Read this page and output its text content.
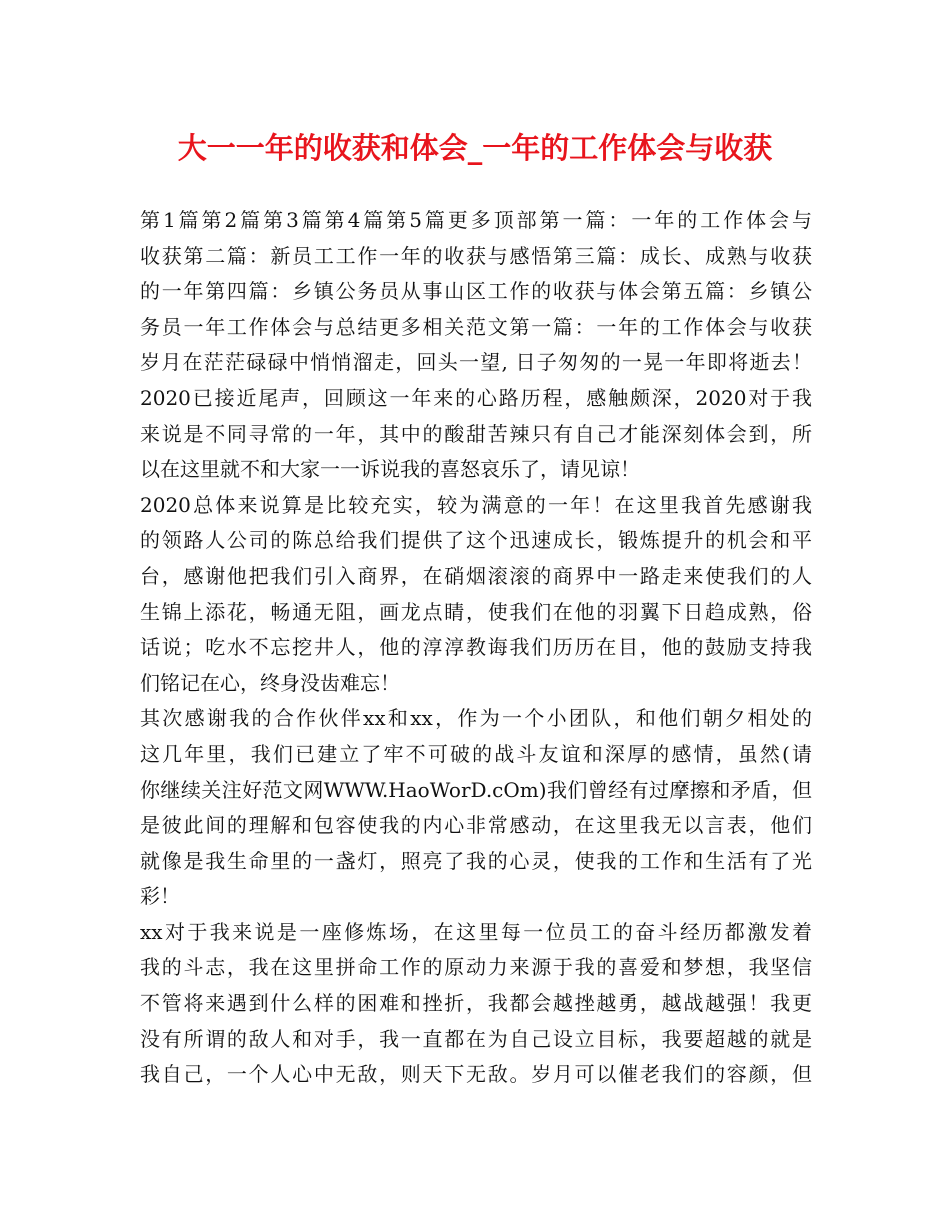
大一一年的收获和体会_一年的工作体会与收获
第1篇第2篇第3篇第4篇第5篇更多顶部第一篇：一年的工作体会与
收获第二篇：新员工工作一年的收获与感悟第三篇：成长、成熟与收获
的一年第四篇：乡镇公务员从事山区工作的收获与体会第五篇：乡镇公
务员一年工作体会与总结更多相关范文第一篇：一年的工作体会与收获
岁月在茫茫碌碌中悄悄溜走，回头一望, 日子匆匆的一晃一年即将逝去！
2020已接近尾声，回顾这一年来的心路历程，感触颇深，2020对于我
来说是不同寻常的一年，其中的酸甜苦辣只有自己才能深刻体会到，所
以在这里就不和大家一一诉说我的喜怒哀乐了，请见谅！
2020总体来说算是比较充实，较为满意的一年！在这里我首先感谢我
的领路人公司的陈总给我们提供了这个迅速成长，锻炼提升的机会和平
台，感谢他把我们引入商界，在硝烟滚滚的商界中一路走来使我们的人
生锦上添花，畅通无阻，画龙点睛，使我们在他的羽翼下日趋成熟，俗
话说；吃水不忘挖井人，他的淳淳教诲我们历历在目，他的鼓励支持我
们铭记在心，终身没齿难忘！
其次感谢我的合作伙伴xx和xx，作为一个小团队，和他们朝夕相处的
这几年里，我们已建立了牢不可破的战斗友谊和深厚的感情，虽然(请
你继续关注好范文网WWW.HaoWorD.cOm)我们曾经有过摩擦和矛盾，但
是彼此间的理解和包容使我的内心非常感动，在这里我无以言表，他们
就像是我生命里的一盏灯，照亮了我的心灵，使我的工作和生活有了光
彩！
xx对于我来说是一座修炼场，在这里每一位员工的奋斗经历都激发着
我的斗志，我在这里拼命工作的原动力来源于我的喜爱和梦想，我坚信
不管将来遇到什么样的困难和挫折，我都会越挫越勇，越战越强！我更
没有所谓的敌人和对手，我一直都在为自己设立目标，我要超越的就是
我自己，一个人心中无敌，则天下无敌。岁月可以催老我们的容颜，但
